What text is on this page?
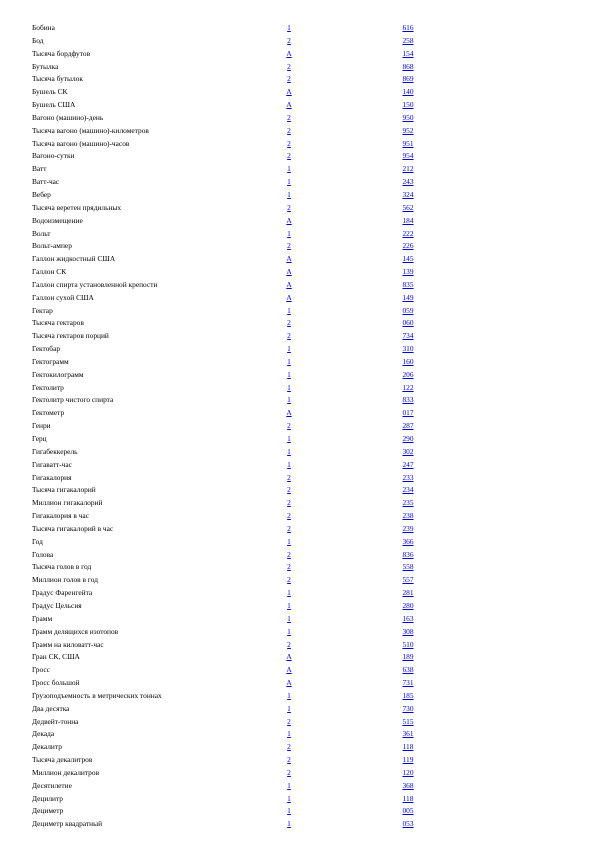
Бобина	1	616
Бод	2	258
Тысяча бордфутов	А	154
Бутылка	2	868
Тысяча бутылок	2	869
Бушель СК	А	140
Бушель США	А	150
Вагоно (машино)-день	2	950
Тысяча вагоно (машино)-километров	2	952
Тысяча вагоно (машино)-часов	2	951
Вагоно-сутки	2	954
Ватт	1	212
Ватт-час	1	243
Вебер	1	324
Тысяча веретен прядильных	2	562
Водоизмещение	А	184
Вольт	1	222
Вольт-ампер	2	226
Галлон жидкостный США	А	145
Галлон СК	А	139
Галлон спирта установленной крепости	А	835
Галлон сухой США	А	149
Гектар	1	059
Тысяча гектаров	2	060
Тысяча гектаров порций	2	734
Гектобар	1	310
Гектограмм	1	160
Гектокилограмм	1	206
Гектолитр	1	122
Гектолитр чистого спирта	1	833
Гектометр	А	017
Генри	2	287
Герц	1	290
Гигабеккерель	1	302
Гигаватт-час	1	247
Гигакалория	2	233
Тысяча гигакалорий	2	234
Миллион гигакалорий	2	235
Гигакалория в час	2	238
Тысяча гигакалорий в час	2	239
Год	1	366
Голова	2	836
Тысяча голов в год	2	558
Миллион голов в год	2	557
Градус Фаренгейта	1	281
Градус Цельсия	1	280
Грамм	1	163
Грамм делящихся изотопов	1	308
Грамм на киловатт-час	2	510
Гран СК, США	А	189
Гросс	А	638
Гросс большой	А	731
Грузоподъемность в метрических тоннах	1	185
Два десятка	1	730
Дедвейт-тонна	2	515
Декада	1	361
Декалитр	2	118
Тысяча декалитров	2	119
Миллион декалитров	2	120
Десятилетие	1	368
Децилитр	1	118
Дециметр	1	005
Дециметр квадратный	1	053
